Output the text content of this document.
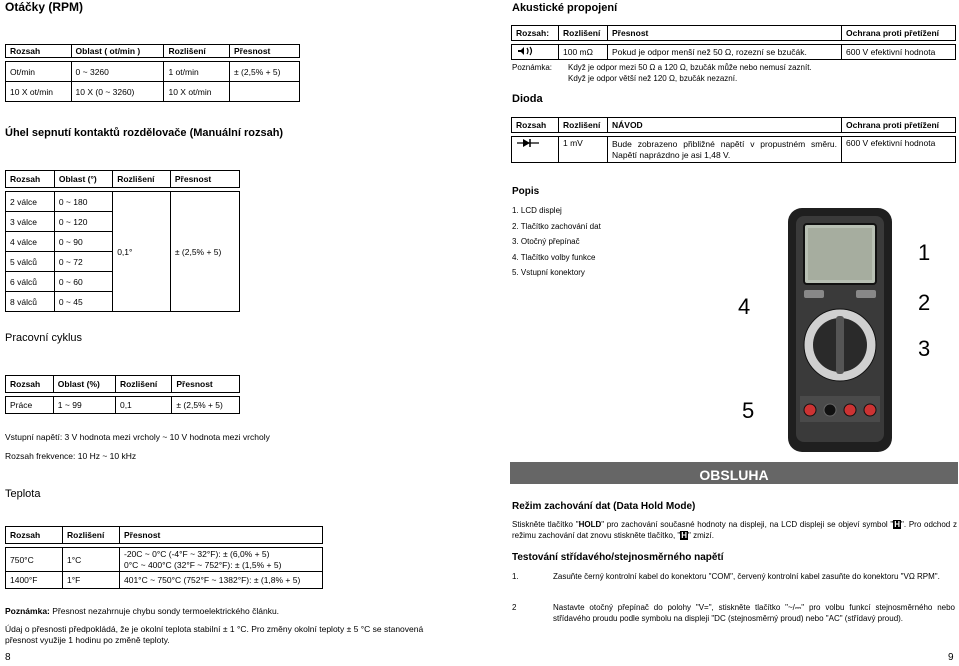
Otáčky (RPM)
Rozsah	Oblast ( ot/min )	Rozlišení	Přesnost

Ot/min	0 ~ 3260	1 ot/min	± (2,5% + 5)
10 X ot/min	10 X (0 ~ 3260)	10 X ot/min	
Úhel sepnutí kontaktů rozdělovače (Manuální rozsah)
Rozsah	Oblast (°)	Rozlišení	Přesnost

2 válce	0 ~ 180	0,1°	± (2,5% + 5)
3 válce	0 ~ 120		
4 válce	0 ~ 90		
5 válců	0 ~ 72		
6 válců	0 ~ 60		
8 válců	0 ~ 45		
Pracovní cyklus
Rozsah	Oblast (%)	Rozlišení	Přesnost

Práce	1 ~ 99	0,1	± (2,5% + 5)
Vstupní napětí: 3 V hodnota mezi vrcholy ~ 10 V hodnota mezi vrcholy
Rozsah frekvence: 10 Hz ~ 10 kHz
Teplota
Rozsah	Rozlišení	Přesnost

750°C	1°C	-20C ~ 0°C (-4°F ~ 32°F): ± (6,0% + 5)
0°C ~ 400°C (32°F ~ 752°F): ± (1,5% + 5)
1400°F	1°F	401°C ~ 750°C (752°F ~ 1382°F): ± (1,8% + 5)
Poznámka: Přesnost nezahrnuje chybu sondy termoelektrického článku.
Údaj o přesnosti předpokládá, že je okolní teplota stabilní ± 1 °C. Pro změny okolní teploty ± 5 °C se stanovená přesnost využije 1 hodinu po změně teploty.
8
Akustické propojení
Rozsah:	Rozlišení	Přesnost	Ochrana proti přetížení

	100 mΩ	Pokud je odpor menší než 50 Ω, rozezní se bzučák.	600 V efektivní hodnota
Poznámka: Když je odpor mezi 50 Ω a 120 Ω, bzučák může nebo nemusí zaznít.
Když je odpor větší než 120 Ω, bzučák nezazní.
Dioda
Rozsah	Rozlišení	NÁVOD	Ochrana proti přetížení

	1 mV	Bude zobrazeno přibližné napětí v propustném směru. Napětí naprázdno je asi 1,48 V.	600 V efektivní hodnota
Popis
1. LCD displej
2. Tlačítko zachování dat
3. Otočný přepínač
4. Tlačítko volby funkce
5. Vstupní konektory
1
2
3
4
5
OBSLUHA
Režim zachování dat (Data Hold Mode)
Stiskněte tlačítko "HOLD" pro zachování současné hodnoty na displeji, na LCD displeji se objeví symbol "H". Pro odchod z režimu zachování dat znovu stiskněte tlačítko, "H" zmizí.
Testování střídavého/stejnosměrného napětí
1.	Zasuňte černý kontrolní kabel do konektoru "COM", červený kontrolní kabel zasuňte do konektoru "VΩ RPM".
2	Nastavte otočný přepínač do polohy "V=", stiskněte tlačítko "~/⎓" pro volbu funkcí stejnosměrného nebo střídavého proudu podle symbolu na displeji "DC (stejnosměrný proud) nebo "AC" (střídavý proud).
9
